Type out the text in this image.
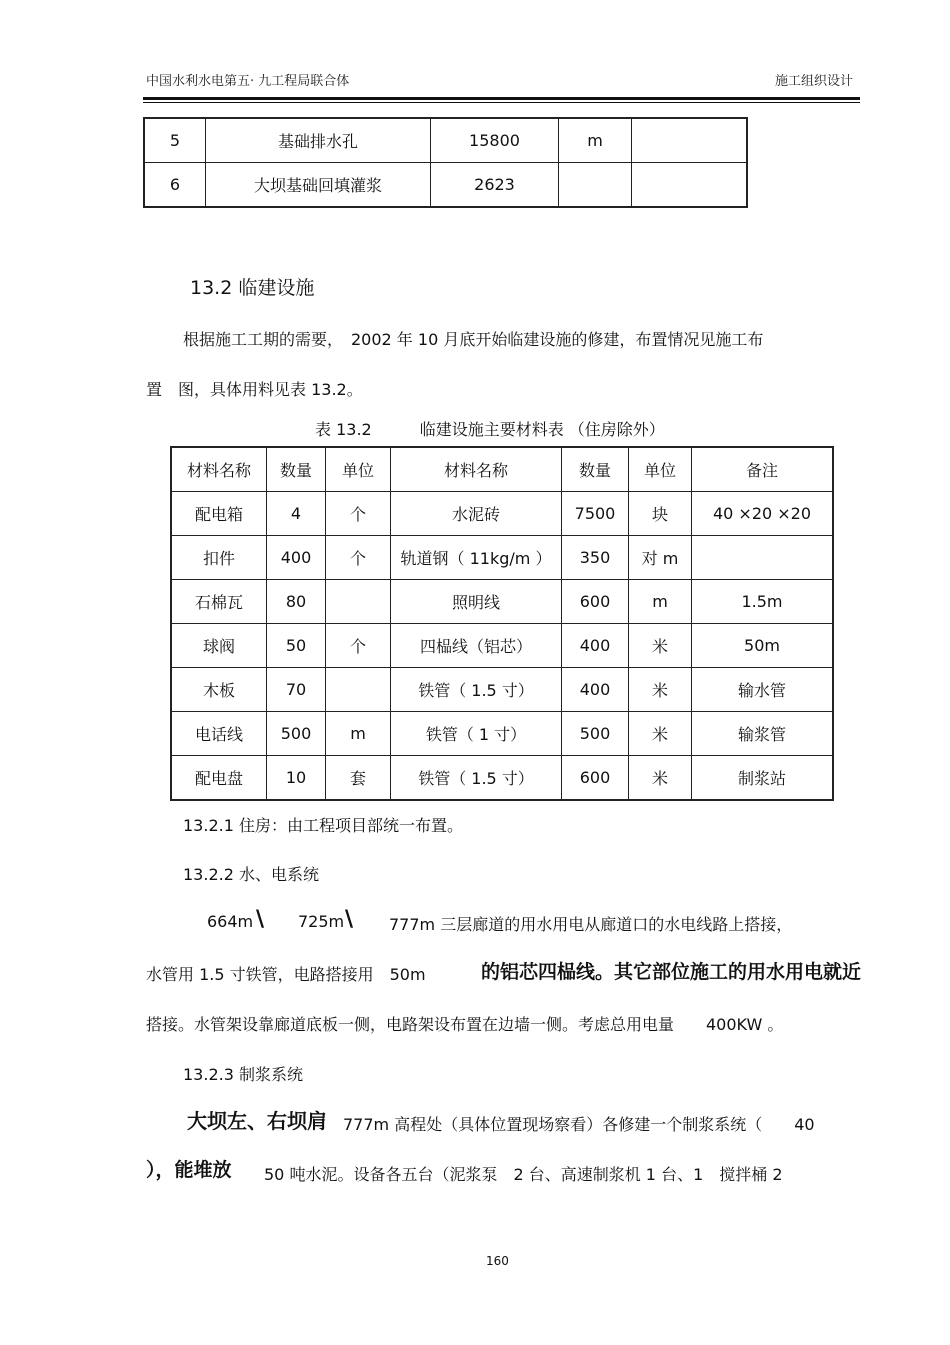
中国水利水电第五· 九工程局联合体	施工组织设计
5	基础排水孔	15800	m	
6	大坝基础回填灌浆	2623		
13.2 临建设施
根据施工工期的需要，　2002 年 10 月底开始临建设施的修建，布置情况见施工布
置　图，具体用料见表 13.2。
表 13.2　　　临建设施主要材料表 （住房除外）
材料名称	数量	单位	材料名称	数量	单位	备注
配电箱	4	个	水泥砖	7500	块	40 ×20 ×20
扣件	400	个	轨道钢（ 11kg/m ）	350	对 m	
石棉瓦	80		照明线	600	m	1.5m
球阀	50	个	四榀线（铝芯）	400	米	50m
木板	70		铁管（ 1.5 寸）	400	米	输水管
电话线	500	m	铁管（ 1 寸）	500	米	输浆管
配电盘	10	套	铁管（ 1.5 寸）	600	米	制浆站
13.2.1 住房：由工程项目部统一布置。
13.2.2 水、电系统
664m \ 725m \ 777m 三层廊道的用水用电从廊道口的水电线路上搭接，
水管用 1.5 寸铁管，电路搭接用　50m	的铝芯四榀线。其它部位施工的用水用电就近
搭接。水管架设靠廊道底板一侧，电路架设布置在边墙一侧。考虑总用电量　　400KW 。
13.2.3 制浆系统
大坝左、右坝肩 777m 高程处（具体位置现场察看）各修建一个制浆系统（　　40
），能堆放 50 吨水泥。设备各五台（泥浆泵　2 台、高速制浆机 1 台、1　搅拌桶 2
160
